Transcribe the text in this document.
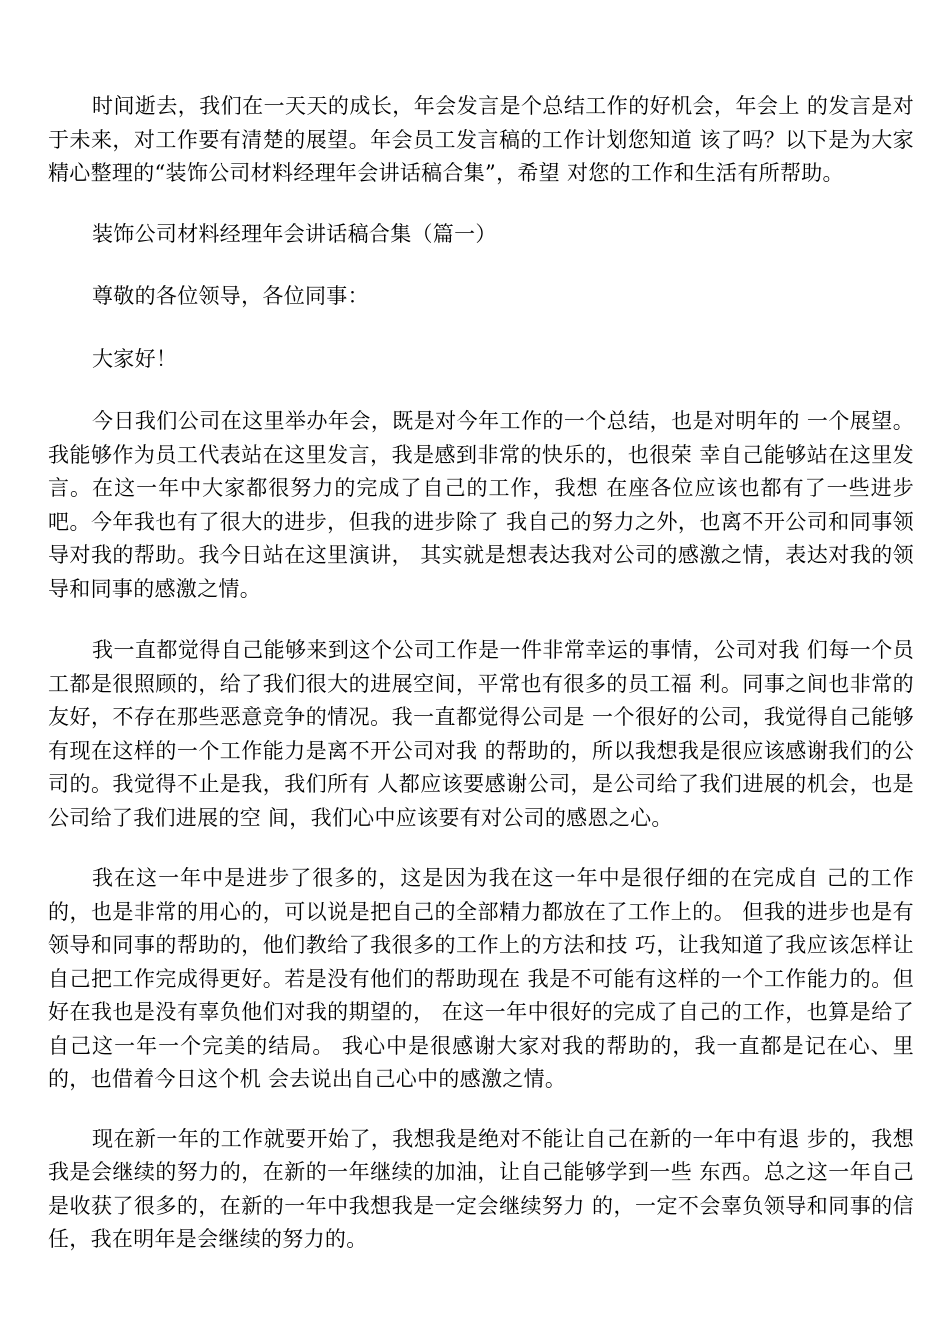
时间逝去，我们在一天天的成长，年会发言是个总结工作的好机会，年会上 的发言是对于未来，对工作要有清楚的展望。年会员工发言稿的工作计划您知道 该了吗？以下是为大家精心整理的“装饰公司材料经理年会讲话稿合集”，希望 对您的工作和生活有所帮助。

装饰公司材料经理年会讲话稿合集（篇一）

尊敬的各位领导，各位同事：

大家好！

今日我们公司在这里举办年会，既是对今年工作的一个总结，也是对明年的 一个展望。我能够作为员工代表站在这里发言，我是感到非常的快乐的，也很荣 幸自己能够站在这里发言。在这一年中大家都很努力的完成了自己的工作，我想 在座各位应该也都有了一些进步吧。今年我也有了很大的进步，但我的进步除了 我自己的努力之外，也离不开公司和同事领导对我的帮助。我今日站在这里演讲， 其实就是想表达我对公司的感激之情，表达对我的领导和同事的感激之情。

我一直都觉得自己能够来到这个公司工作是一件非常幸运的事情，公司对我 们每一个员工都是很照顾的，给了我们很大的进展空间，平常也有很多的员工福 利。同事之间也非常的友好，不存在那些恶意竞争的情况。我一直都觉得公司是 一个很好的公司，我觉得自己能够有现在这样的一个工作能力是离不开公司对我 的帮助的，所以我想我是很应该感谢我们的公司的。我觉得不止是我，我们所有 人都应该要感谢公司，是公司给了我们进展的机会，也是公司给了我们进展的空 间，我们心中应该要有对公司的感恩之心。

我在这一年中是进步了很多的，这是因为我在这一年中是很仔细的在完成自 己的工作的，也是非常的用心的，可以说是把自己的全部精力都放在了工作上的。 但我的进步也是有领导和同事的帮助的，他们教给了我很多的工作上的方法和技 巧，让我知道了我应该怎样让自己把工作完成得更好。若是没有他们的帮助现在 我是不可能有这样的一个工作能力的。但好在我也是没有辜负他们对我的期望的， 在这一年中很好的完成了自己的工作，也算是给了自己这一年一个完美的结局。 我心中是很感谢大家对我的帮助的，我一直都是记在心、里的，也借着今日这个机 会去说出自己心中的感激之情。

现在新一年的工作就要开始了，我想我是绝对不能让自己在新的一年中有退 步的，我想我是会继续的努力的，在新的一年继续的加油，让自己能够学到一些 东西。总之这一年自己是收获了很多的，在新的一年中我想我是一定会继续努力 的，一定不会辜负领导和同事的信任，我在明年是会继续的努力的。
